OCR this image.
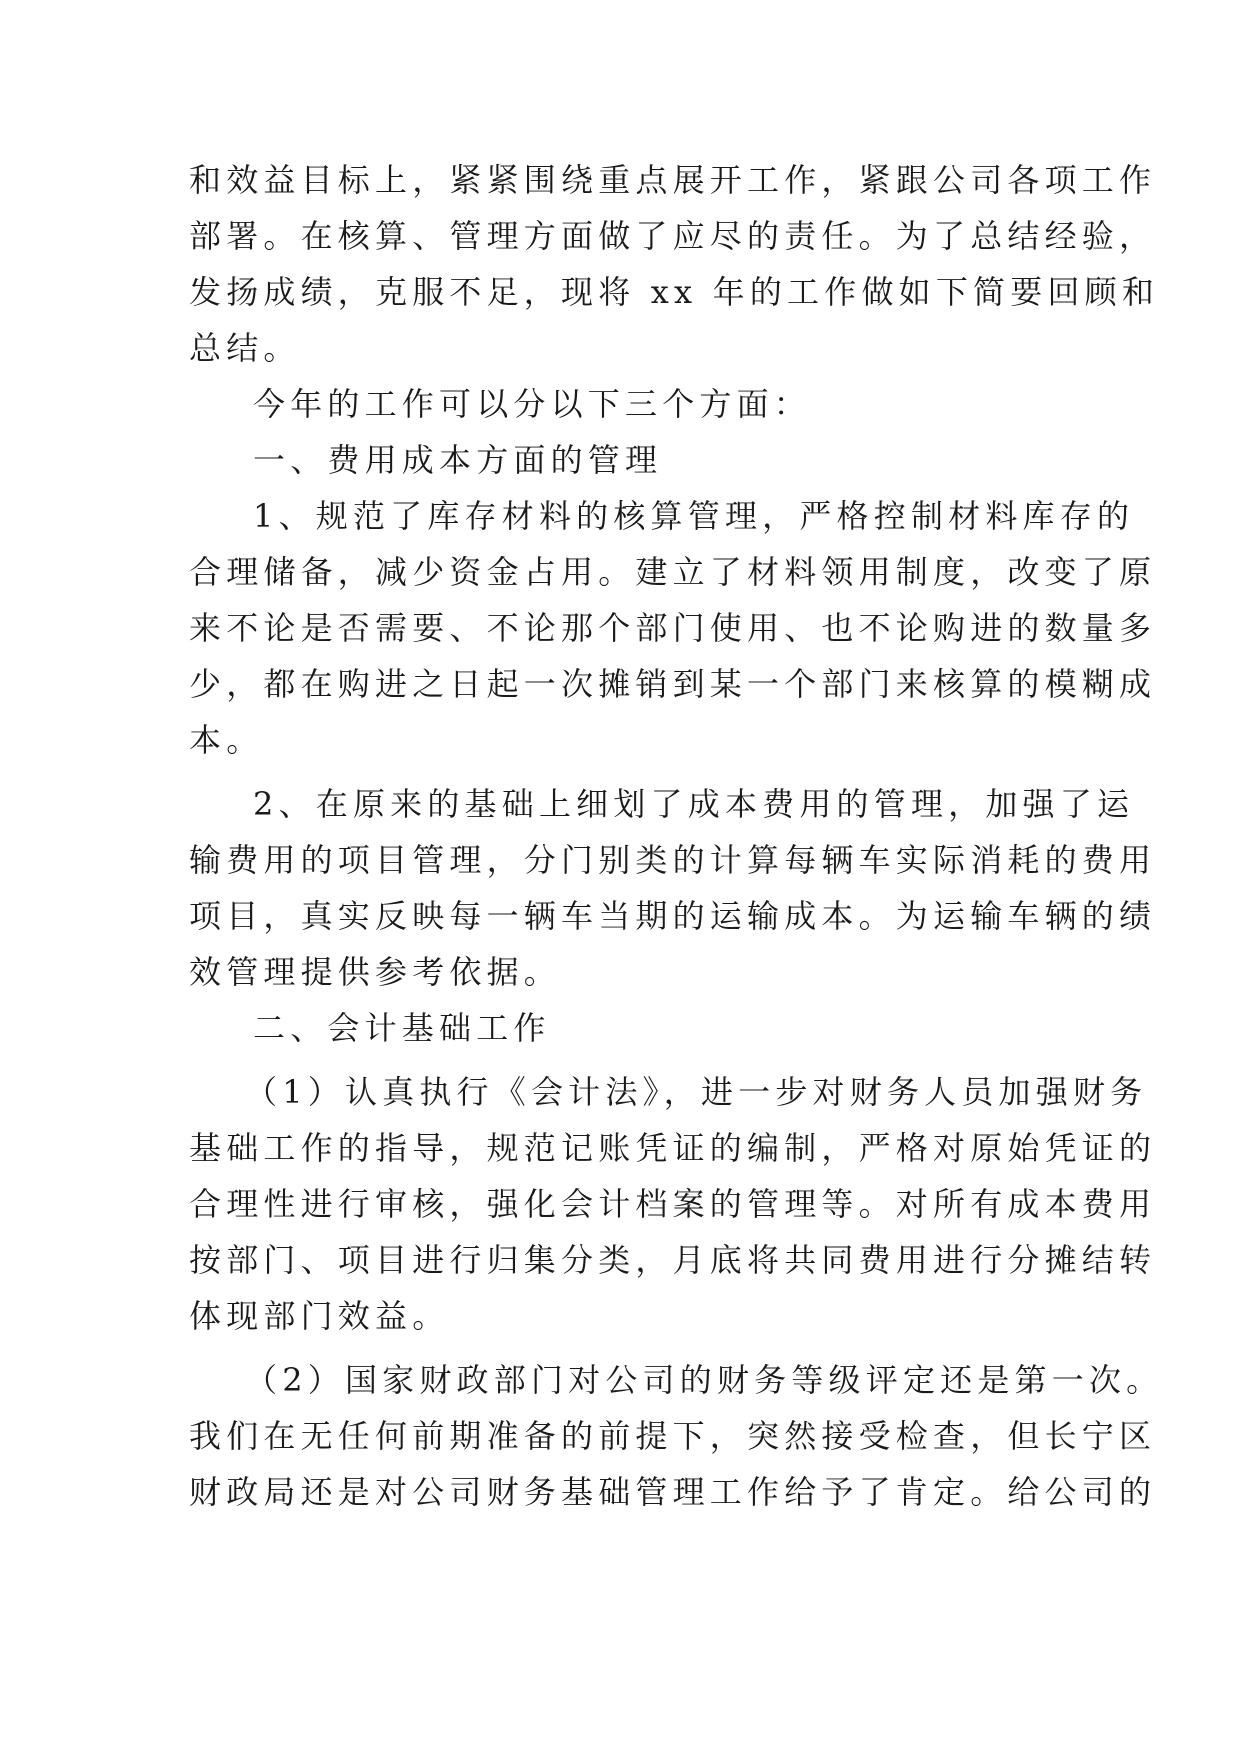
和效益目标上，紧紧围绕重点展开工作，紧跟公司各项工作
部署。在核算、管理方面做了应尽的责任。为了总结经验，
发扬成绩，克服不足，现将 xx 年的工作做如下简要回顾和
总结。
今年的工作可以分以下三个方面：
一、费用成本方面的管理
1、规范了库存材料的核算管理，严格控制材料库存的
合理储备，减少资金占用。建立了材料领用制度，改变了原
来不论是否需要、不论那个部门使用、也不论购进的数量多
少，都在购进之日起一次摊销到某一个部门来核算的模糊成
本。
2、在原来的基础上细划了成本费用的管理，加强了运
输费用的项目管理，分门别类的计算每辆车实际消耗的费用
项目，真实反映每一辆车当期的运输成本。为运输车辆的绩
效管理提供参考依据。
二、会计基础工作
（1）认真执行《会计法》，进一步对财务人员加强财务
基础工作的指导，规范记账凭证的编制，严格对原始凭证的
合理性进行审核，强化会计档案的管理等。对所有成本费用
按部门、项目进行归集分类，月底将共同费用进行分摊结转
体现部门效益。
（2）国家财政部门对公司的财务等级评定还是第一次。
我们在无任何前期准备的前提下，突然接受检查，但长宁区
财政局还是对公司财务基础管理工作给予了肯定。给公司的
